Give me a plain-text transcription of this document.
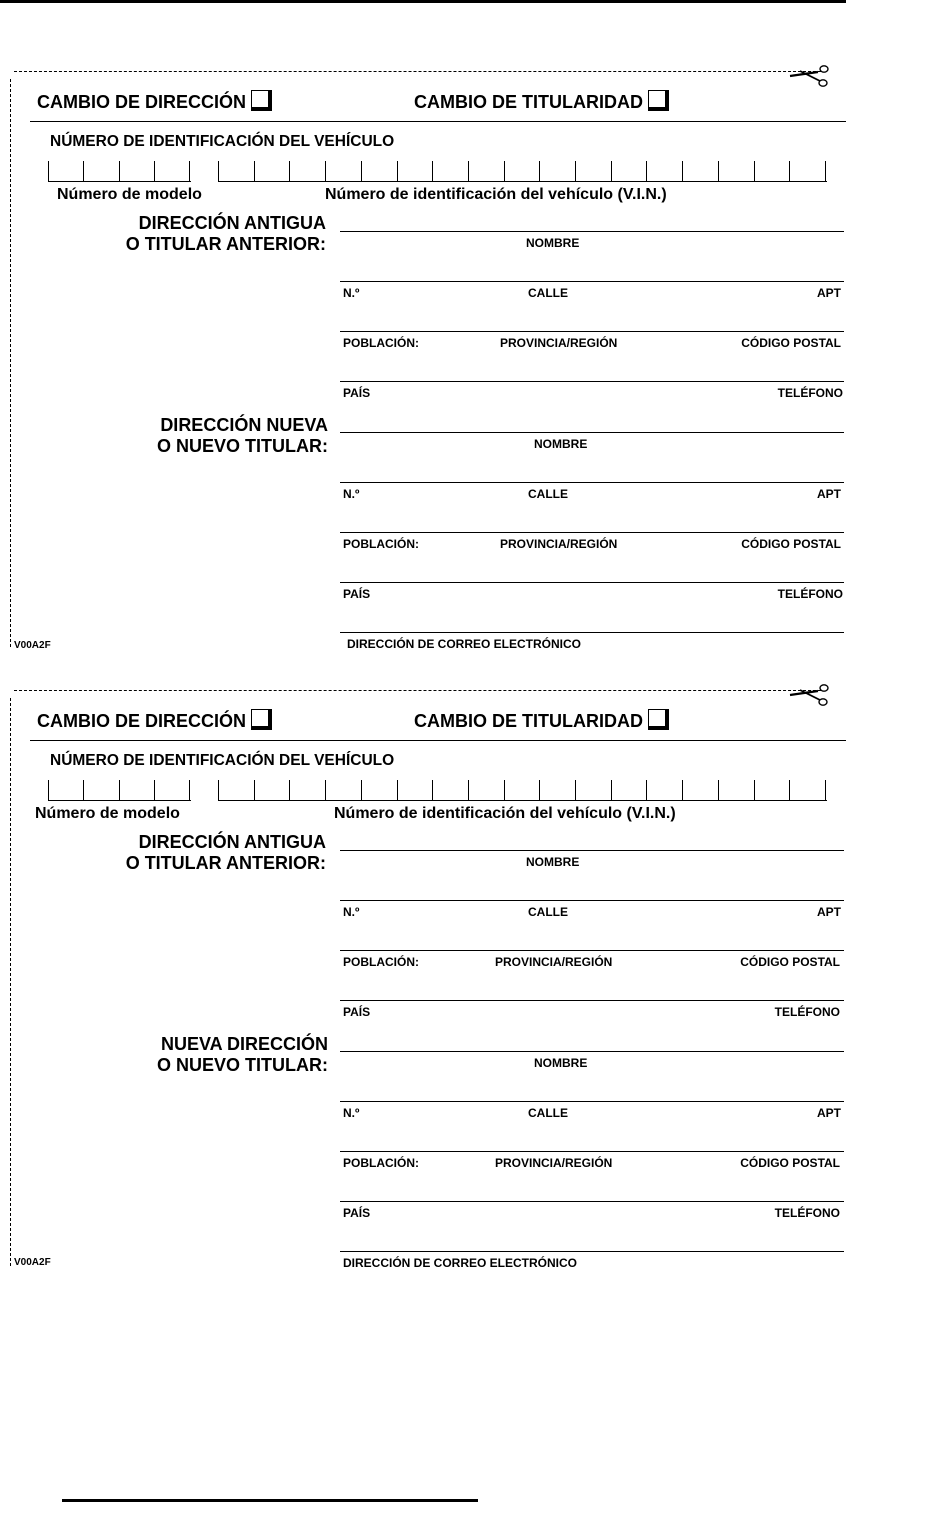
CAMBIO DE DIRECCIÓN	CAMBIO DE TITULARIDAD
NÚMERO DE IDENTIFICACIÓN DEL VEHÍCULO
Número de modelo	Número de identificación del vehículo (V.I.N.)
DIRECCIÓN ANTIGUA
O TITULAR ANTERIOR:	NOMBRE
N.º	CALLE	APT
POBLACIÓN:	PROVINCIA/REGIÓN	CÓDIGO POSTAL
PAÍS	TELÉFONO
DIRECCIÓN NUEVA
O NUEVO TITULAR:	NOMBRE
N.º	CALLE	APT
POBLACIÓN:	PROVINCIA/REGIÓN	CÓDIGO POSTAL
PAÍS	TELÉFONO
DIRECCIÓN DE CORREO ELECTRÓNICO
V00A2F
CAMBIO DE DIRECCIÓN	CAMBIO DE TITULARIDAD
NÚMERO DE IDENTIFICACIÓN DEL VEHÍCULO
Número de modelo	Número de identificación del vehículo (V.I.N.)
DIRECCIÓN ANTIGUA
O TITULAR ANTERIOR:	NOMBRE
N.º	CALLE	APT
POBLACIÓN:	PROVINCIA/REGIÓN	CÓDIGO POSTAL
PAÍS	TELÉFONO
NUEVA DIRECCIÓN
O NUEVO TITULAR:	NOMBRE
N.º	CALLE	APT
POBLACIÓN:	PROVINCIA/REGIÓN	CÓDIGO POSTAL
PAÍS	TELÉFONO
DIRECCIÓN DE CORREO ELECTRÓNICO
V00A2F
